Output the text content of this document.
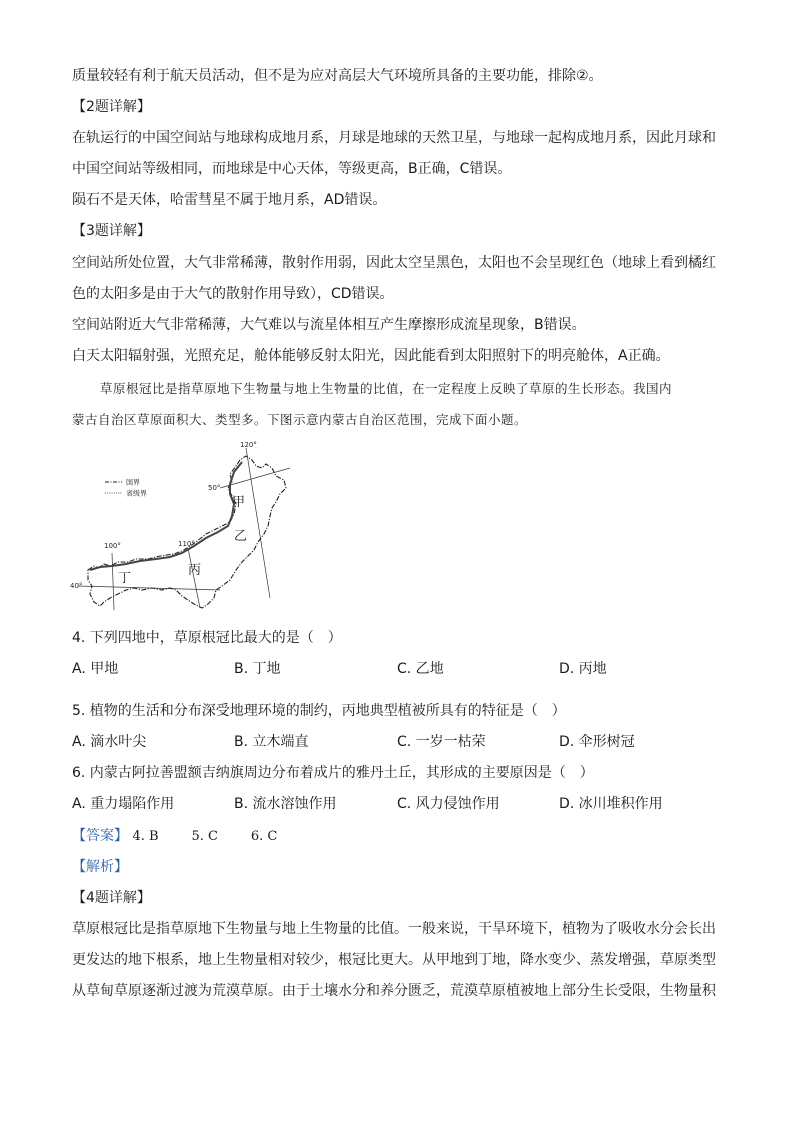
质量较轻有利于航天员活动，但不是为应对高层大气环境所具备的主要功能，排除②。
【2题详解】
在轨运行的中国空间站与地球构成地月系，月球是地球的天然卫星，与地球一起构成地月系，因此月球和
中国空间站等级相同，而地球是中心天体，等级更高，B正确，C错误。
陨石不是天体，哈雷彗星不属于地月系，AD错误。
【3题详解】
空间站所处位置，大气非常稀薄，散射作用弱，因此太空呈黑色，太阳也不会呈现红色（地球上看到橘红
色的太阳多是由于大气的散射作用导致），CD错误。
空间站附近大气非常稀薄，大气难以与流星体相互产生摩擦形成流星现象，B错误。
白天太阳辐射强，光照充足，舱体能够反射太阳光，因此能看到太阳照射下的明亮舱体，A正确。
草原根冠比是指草原地下生物量与地上生物量的比值，在一定程度上反映了草原的生长形态。我国内
蒙古自治区草原面积大、类型多。下图示意内蒙古自治区范围，完成下面小题。
国界
省级界
120°
50°
110°
100°
40°
甲
乙
丙
丁
4. 下列四地中，草原根冠比最大的是（　）
A. 甲地	B. 丁地	C. 乙地	D. 丙地
5. 植物的生活和分布深受地理环境的制约，丙地典型植被所具有的特征是（　）
A. 滴水叶尖	B. 立木端直	C. 一岁一枯荣	D. 伞形树冠
6. 内蒙古阿拉善盟额吉纳旗周边分布着成片的雅丹土丘，其形成的主要原因是（　）
A. 重力塌陷作用	B. 流水溶蚀作用	C. 风力侵蚀作用	D. 冰川堆积作用
【答案】 4. B	5. C	6. C
【解析】
【4题详解】
草原根冠比是指草原地下生物量与地上生物量的比值。一般来说，干旱环境下，植物为了吸收水分会长出
更发达的地下根系，地上生物量相对较少，根冠比更大。从甲地到丁地，降水变少、蒸发增强，草原类型
从草甸草原逐渐过渡为荒漠草原。由于土壤水分和养分匮乏，荒漠草原植被地上部分生长受限，生物量积
